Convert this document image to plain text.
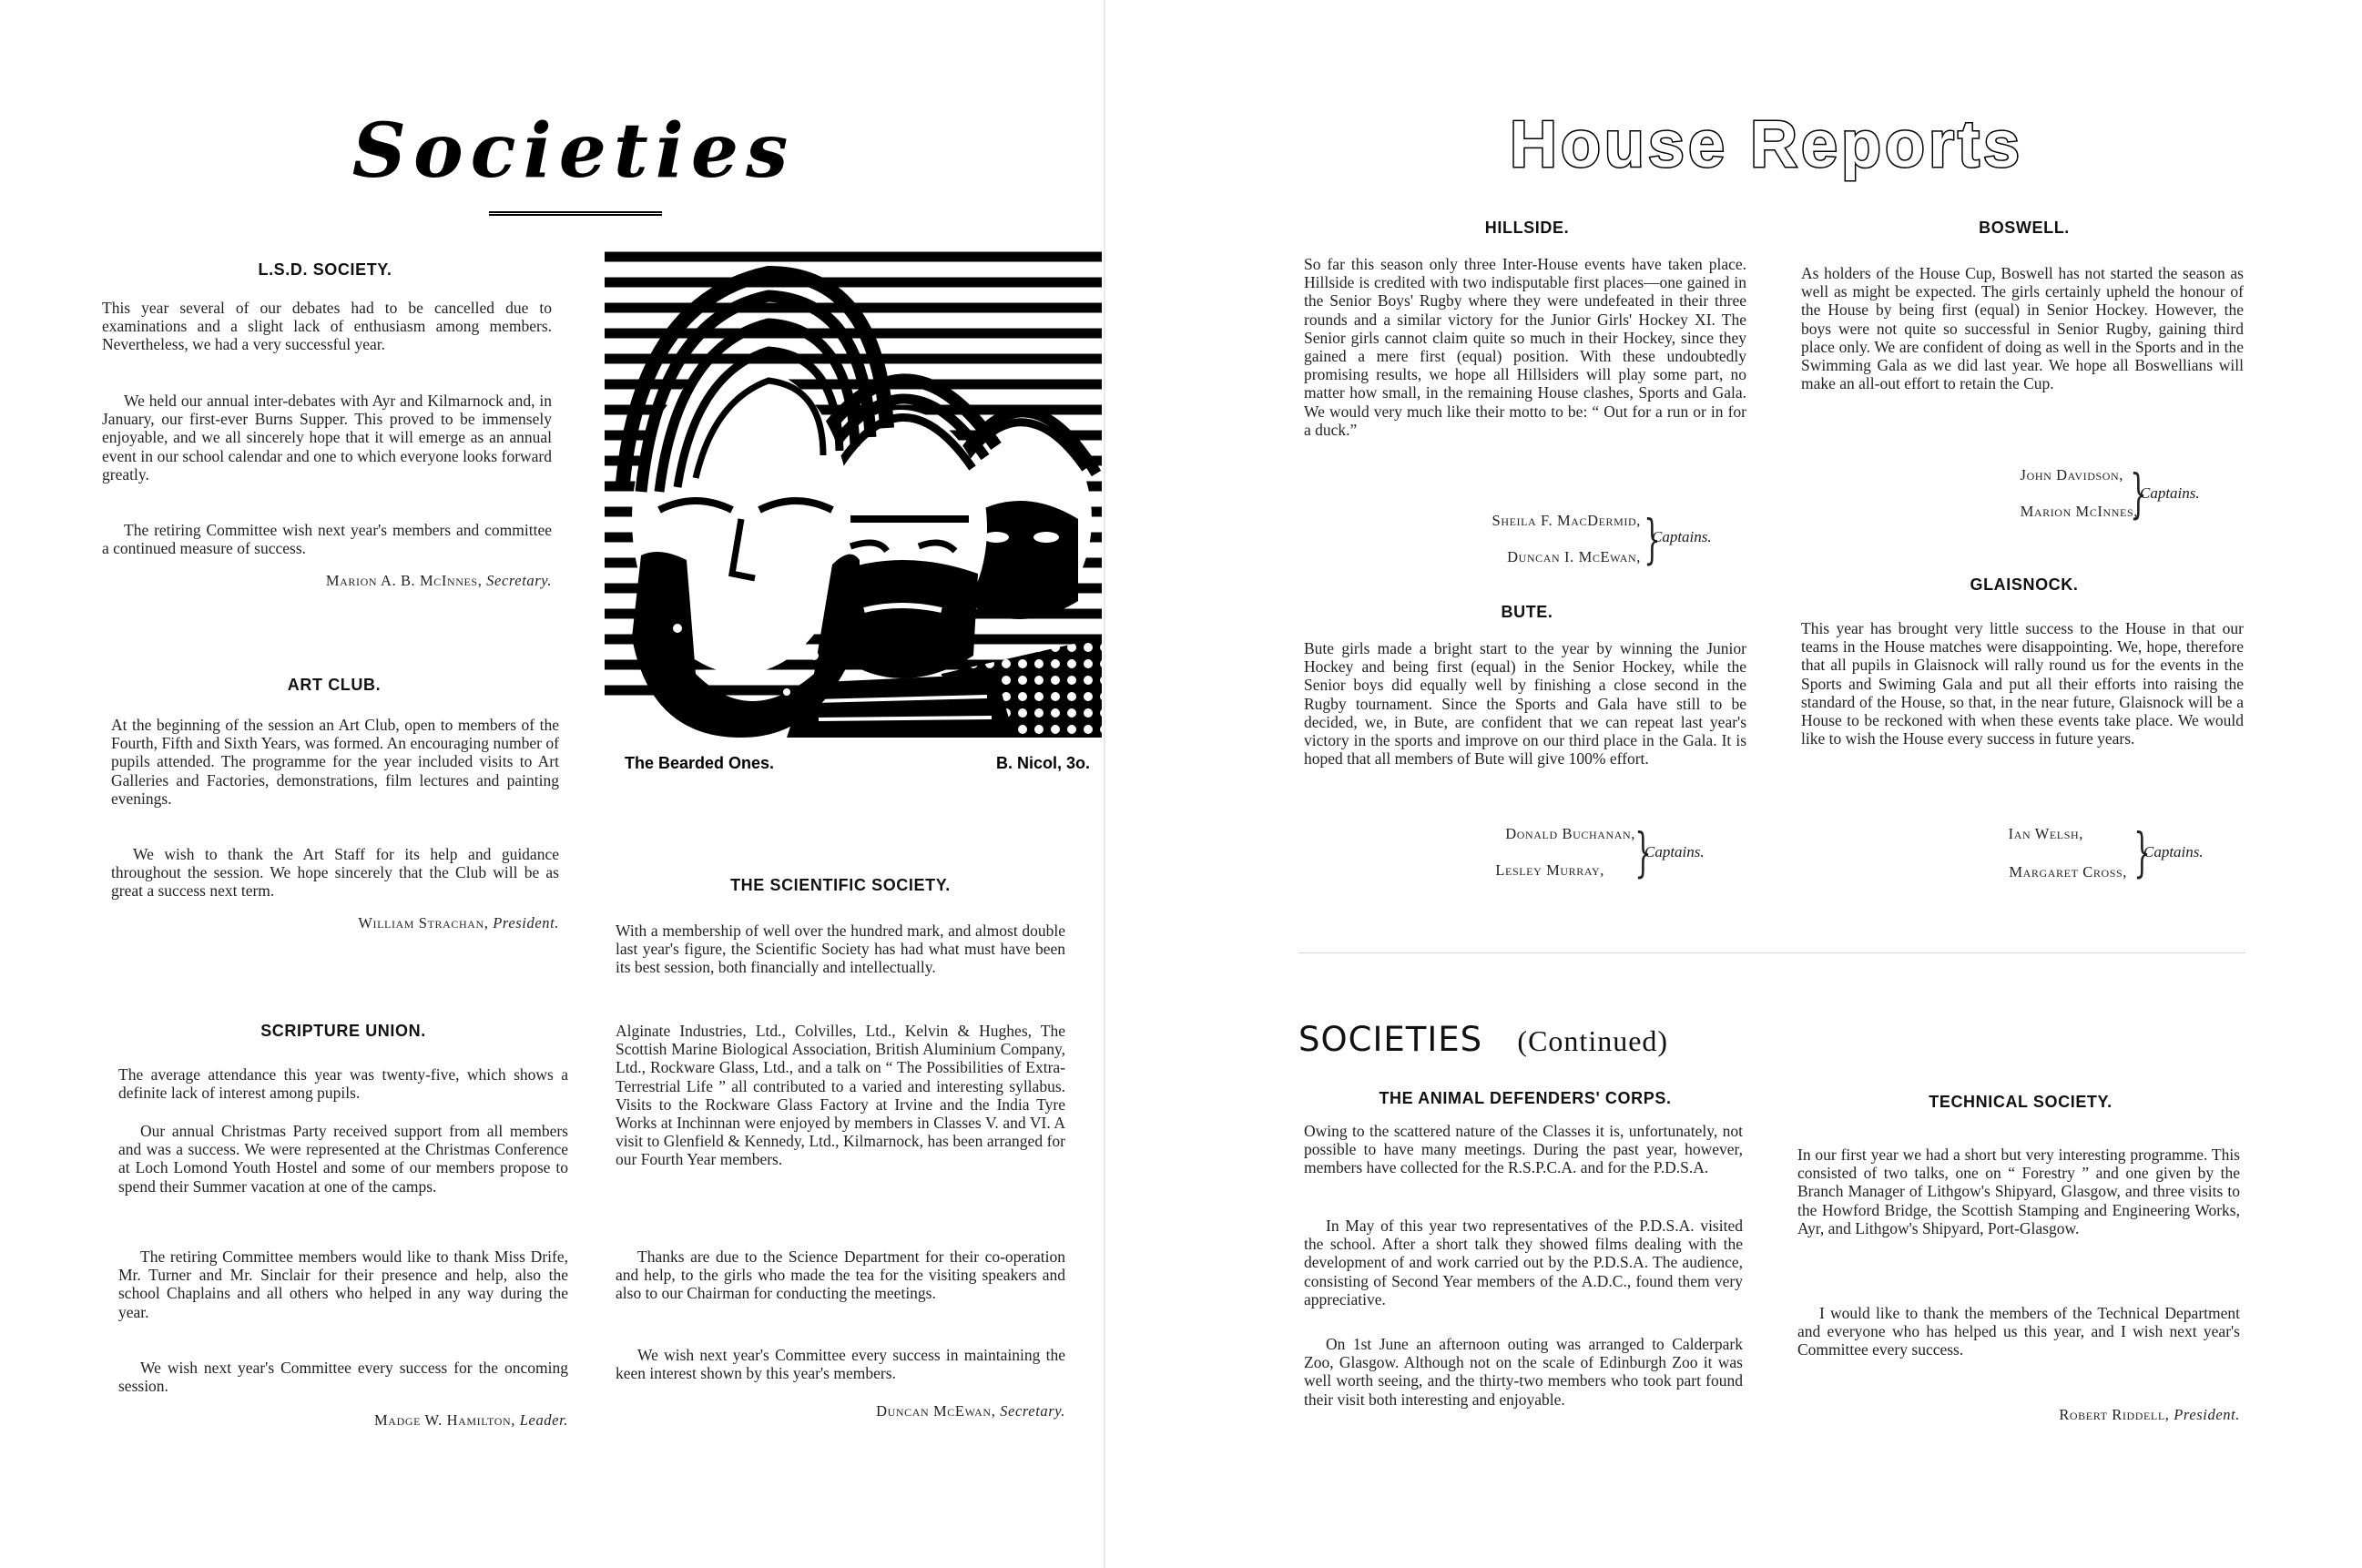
Societies
L.S.D. SOCIETY.
This year several of our debates had to be cancelled due to examinations and a slight lack of enthusiasm among members. Nevertheless, we had a very successful year.
We held our annual inter-debates with Ayr and Kilmarnock and, in January, our first-ever Burns Supper. This proved to be immensely enjoyable, and we all sincerely hope that it will emerge as an annual event in our school calendar and one to which everyone looks forward greatly.
The retiring Committee wish next year's members and committee a continued measure of success.
Marion A. B. McInnes, Secretary.
The Bearded Ones.	B. Nicol, 3o.
ART CLUB.
At the beginning of the session an Art Club, open to members of the Fourth, Fifth and Sixth Years, was formed. An encouraging number of pupils attended. The programme for the year included visits to Art Galleries and Factories, demonstrations, film lectures and painting evenings.
We wish to thank the Art Staff for its help and guidance throughout the session. We hope sincerely that the Club will be as great a success next term.
William Strachan, President.
THE SCIENTIFIC SOCIETY.
With a membership of well over the hundred mark, and almost double last year's figure, the Scientific Society has had what must have been its best session, both financially and intellectually.
Alginate Industries, Ltd., Colvilles, Ltd., Kelvin & Hughes, The Scottish Marine Biological Association, British Aluminium Company, Ltd., Rockware Glass, Ltd., and a talk on “ The Possibilities of Extra-Terrestrial Life ” all contributed to a varied and interesting syllabus. Visits to the Rockware Glass Factory at Irvine and the India Tyre Works at Inchinnan were enjoyed by members in Classes V. and VI. A visit to Glenfield & Kennedy, Ltd., Kilmarnock, has been arranged for our Fourth Year members.
Thanks are due to the Science Department for their co-operation and help, to the girls who made the tea for the visiting speakers and also to our Chairman for conducting the meetings.
We wish next year's Committee every success in maintaining the keen interest shown by this year's members.
Duncan McEwan, Secretary.
SCRIPTURE UNION.
The average attendance this year was twenty-five, which shows a definite lack of interest among pupils.
Our annual Christmas Party received support from all members and was a success. We were represented at the Christmas Conference at Loch Lomond Youth Hostel and some of our members propose to spend their Summer vacation at one of the camps.
The retiring Committee members would like to thank Miss Drife, Mr. Turner and Mr. Sinclair for their presence and help, also the school Chaplains and all others who helped in any way during the year.
We wish next year's Committee every success for the oncoming session.
Madge W. Hamilton, Leader.
House Reports
HILLSIDE.
So far this season only three Inter-House events have taken place. Hillside is credited with two indisputable first places—one gained in the Senior Boys' Rugby where they were undefeated in their three rounds and a similar victory for the Junior Girls' Hockey XI. The Senior girls cannot claim quite so much in their Hockey, since they gained a mere first (equal) position. With these undoubtedly promising results, we hope all Hillsiders will play some part, no matter how small, in the remaining House clashes, Sports and Gala. We would very much like their motto to be: “ Out for a run or in for a duck.”
Sheila F. MacDermid,
Duncan I. McEwan, }
Captains.
BUTE.
Bute girls made a bright start to the year by winning the Junior Hockey and being first (equal) in the Senior Hockey, while the Senior boys did equally well by finishing a close second in the Rugby tournament. Since the Sports and Gala have still to be decided, we, in Bute, are confident that we can repeat last year's victory in the sports and improve on our third place in the Gala. It is hoped that all members of Bute will give 100% effort.
Donald Buchanan,
Lesley Murray, }
Captains.
BOSWELL.
As holders of the House Cup, Boswell has not started the season as well as might be expected. The girls certainly upheld the honour of the House by being first (equal) in Senior Hockey. However, the boys were not quite so successful in Senior Rugby, gaining third place only. We are confident of doing as well in the Sports and in the Swimming Gala as we did last year. We hope all Boswellians will make an all-out effort to retain the Cup.
John Davidson,
Marion McInnes,
}
Captains.
GLAISNOCK.
This year has brought very little success to the House in that our teams in the House matches were disappointing. We, hope, therefore that all pupils in Glaisnock will rally round us for the events in the Sports and Swiming Gala and put all their efforts into raising the standard of the House, so that, in the near future, Glaisnock will be a House to be reckoned with when these events take place. We would like to wish the House every success in future years.
Ian Welsh,
Margaret Cross, }
Captains.
SOCIETIES (Continued)
THE ANIMAL DEFENDERS' CORPS.
Owing to the scattered nature of the Classes it is, unfortunately, not possible to have many meetings. During the past year, however, members have collected for the R.S.P.C.A. and for the P.D.S.A.
In May of this year two representatives of the P.D.S.A. visited the school. After a short talk they showed films dealing with the development of and work carried out by the P.D.S.A. The audience, consisting of Second Year members of the A.D.C., found them very appreciative.
On 1st June an afternoon outing was arranged to Calderpark Zoo, Glasgow. Although not on the scale of Edinburgh Zoo it was well worth seeing, and the thirty-two members who took part found their visit both interesting and enjoyable.
TECHNICAL SOCIETY.
In our first year we had a short but very interesting programme. This consisted of two talks, one on “ Forestry ” and one given by the Branch Manager of Lithgow's Shipyard, Glasgow, and three visits to the Howford Bridge, the Scottish Stamping and Engineering Works, Ayr, and Lithgow's Shipyard, Port-Glasgow.
I would like to thank the members of the Technical Department and everyone who has helped us this year, and I wish next year's Committee every success.
Robert Riddell, President.
